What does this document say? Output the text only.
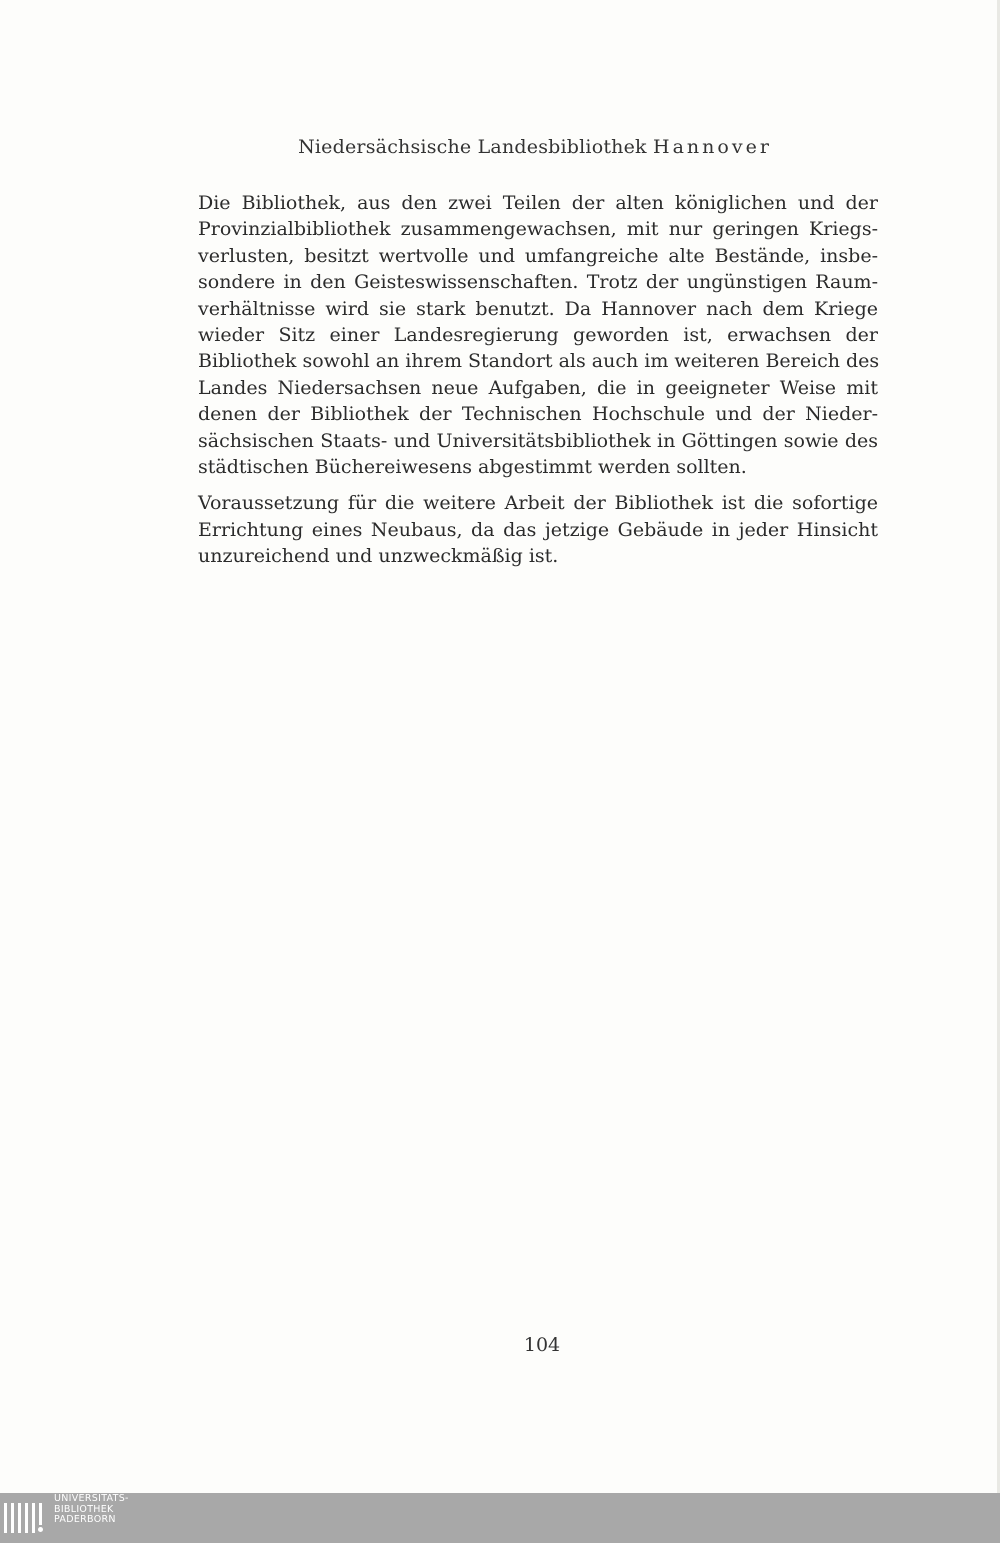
Niedersächsische Landesbibliothek Hannover

Die Bibliothek, aus den zwei Teilen der alten königlichen und der
Provinzialbibliothek zusammengewachsen, mit nur geringen Kriegs-
verlusten, besitzt wertvolle und umfangreiche alte Bestände, insbe-
sondere in den Geisteswissenschaften. Trotz der ungünstigen Raum-
verhältnisse wird sie stark benutzt. Da Hannover nach dem Kriege
wieder Sitz einer Landesregierung geworden ist, erwachsen der
Bibliothek sowohl an ihrem Standort als auch im weiteren Bereich des
Landes Niedersachsen neue Aufgaben, die in geeigneter Weise mit
denen der Bibliothek der Technischen Hochschule und der Nieder-
sächsischen Staats- und Universitätsbibliothek in Göttingen sowie des
städtischen Büchereiwesens abgestimmt werden sollten.

Voraussetzung für die weitere Arbeit der Bibliothek ist die sofortige
Errichtung eines Neubaus, da das jetzige Gebäude in jeder Hinsicht
unzureichend und unzweckmäßig ist.

104
UNIVERSITÄTS-
BIBLIOTHEK
PADERBORN
